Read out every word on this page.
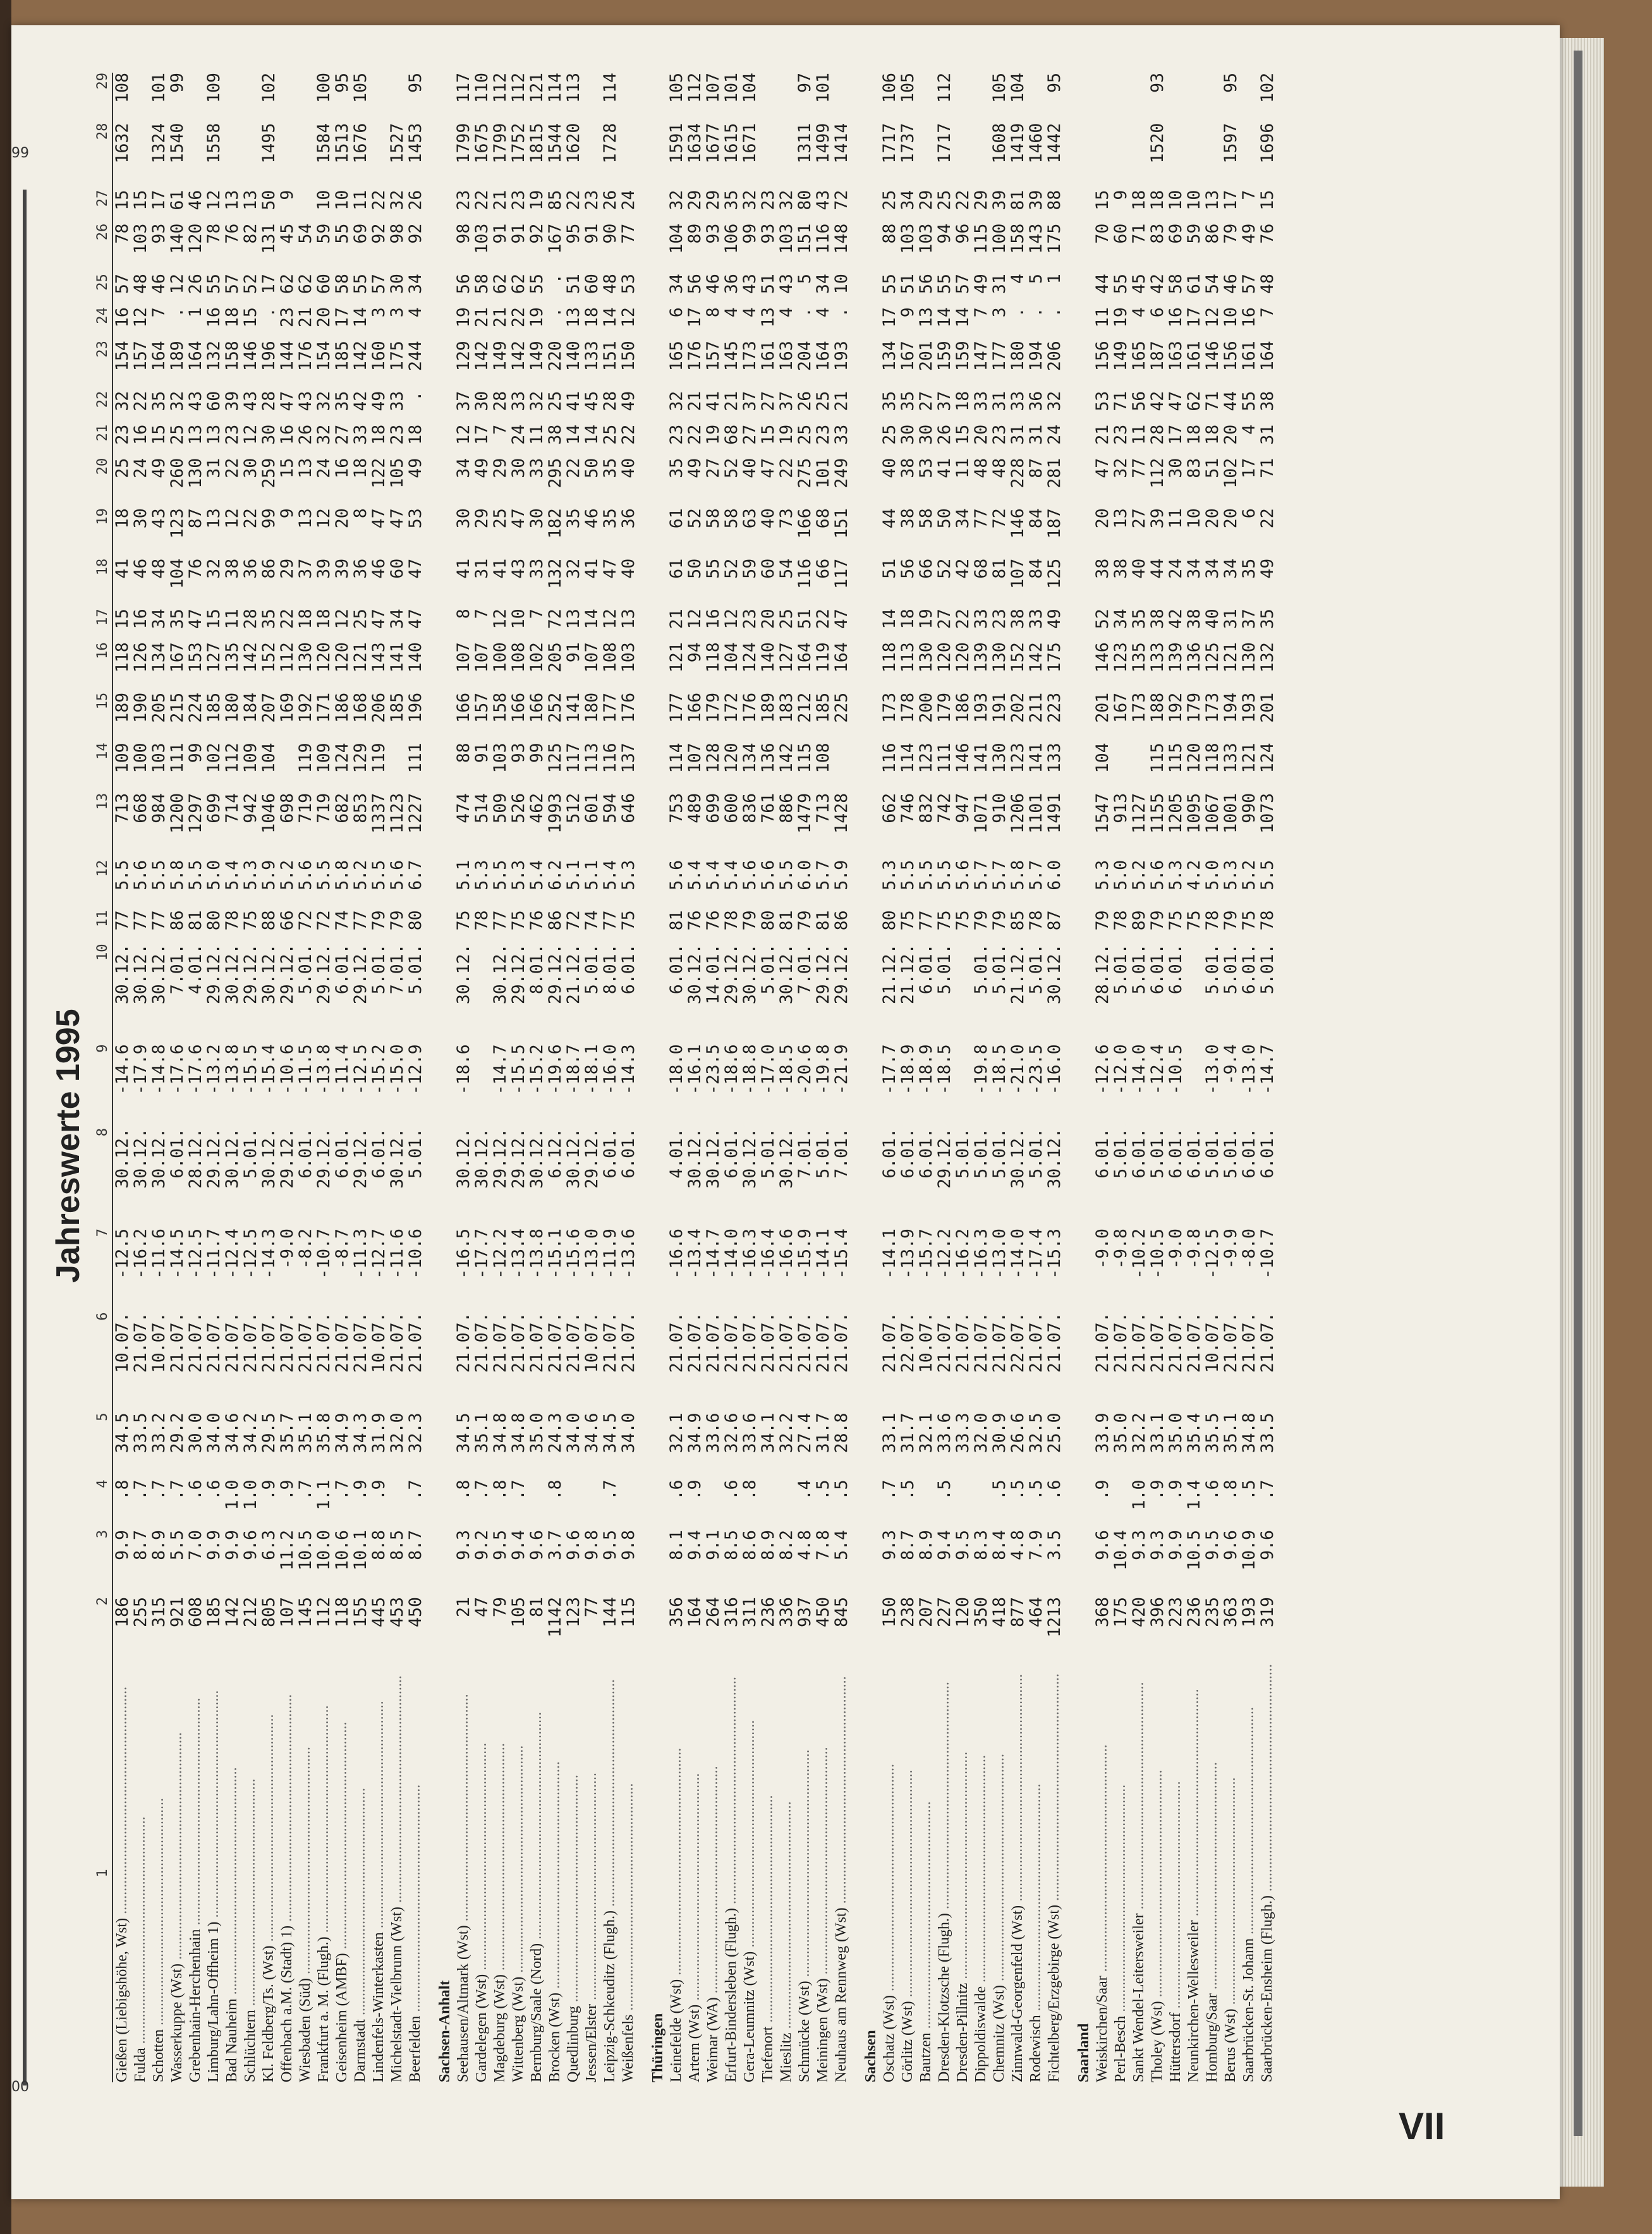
99
00
VII
Jahreswerte 1995
1	2	3	4	5	6	7	8	9	10	11	12	13	14	15	16	17	18	19	20	21	22	23	24	25	26	27	28	29
Gießen (Liebigshöhe, Wst) ............................................................	186	9.9	.8	34.5	10.07.	-12.5	30.12.	-14.6	30.12.	77	5.5	713	109	189	118	15	41	18	25	23	32	154	16	57	78	15	1632	108
Fulda ............................................................	255	8.7	.7	33.5	21.07.	-16.2	30.12.	-17.9	30.12.	77	5.6	668	100	190	126	16	46	30	24	16	22	157	12	48	103	15		
Schotten ............................................................	315	8.9	.7	33.2	10.07.	-11.6	30.12.	-14.8	30.12.	77	5.5	984	103	205	134	34	48	43	49	15	35	164	7	46	93	17	1324	101
Wasserkuppe (Wst) ............................................................	921	5.5	.7	29.2	21.07.	-14.5	6.01.	-17.6	7.01.	86	5.8	1200	111	215	167	35	104	123	260	25	32	189	.	12	140	61	1540	99
Grebenhain-Herchenhain ............................................................	608	7.0	.6	30.0	21.07.	-12.5	28.12.	-17.6	4.01.	81	5.5	1297	99	224	153	47	76	87	130	13	43	164	1	26	120	46		
Limburg/Lahn-Offheim 1) ............................................................	185	9.9	.6	34.0	21.07.	-11.7	29.12.	-13.2	29.12.	80	5.0	699	102	185	127	15	32	13	31	13	60	132	16	55	78	12	1558	109
Bad Nauheim ............................................................	142	9.9	1.0	34.6	21.07.	-12.4	30.12.	-13.8	30.12.	78	5.4	714	112	180	135	11	38	12	22	23	39	158	18	57	76	13		
Schlüchtern ............................................................	212	9.6	1.0	34.2	21.07.	-12.5	5.01.	-15.5	29.12.	75	5.3	942	109	184	142	28	36	22	30	12	43	146	15	52	82	13		
Kl. Feldberg/Ts. (Wst) ............................................................	805	6.3	.9	29.5	21.07.	-14.3	30.12.	-15.4	30.12.	88	5.9	1046	104	207	152	35	86	99	259	30	28	196	.	17	131	50	1495	102
Offenbach a.M. (Stadt) 1) ............................................................	107	11.2	.9	35.7	21.07.	-9.0	29.12.	-10.6	29.12.	66	5.2	698		169	112	22	29	9	15	16	47	144	23	62	45	9		
Wiesbaden (Süd) ............................................................	145	10.5	.7	35.1	21.07.	-8.2	6.01.	-11.5	5.01.	72	5.6	719	119	192	130	18	37	13	13	26	43	176	21	62	54			
Frankfurt a. M. (Flugh.) ............................................................	112	10.0	1.1	35.8	21.07.	-10.7	29.12.	-13.8	29.12.	72	5.5	719	109	171	120	18	39	12	24	32	32	154	20	60	59	10	1584	100
Geisenheim (AMBF) ............................................................	118	10.6	.7	34.9	21.07.	-8.7	6.01.	-11.4	6.01.	74	5.8	682	124	186	120	12	39	20	16	27	35	185	17	58	55	10	1513	95
Darmstadt ............................................................	155	10.1	.9	34.3	21.07.	-11.3	29.12.	-12.5	29.12.	77	5.2	853	129	168	121	25	36	8	18	33	42	142	14	55	69	11	1676	105
Lindenfels-Winterkasten ............................................................	445	8.8	.9	31.9	10.07.	-12.7	6.01.	-15.2	5.01.	79	5.5	1337	119	206	143	47	46	47	122	18	49	160	3	57	92	22		
Michelstadt-Vielbrunn (Wst) ............................................................	453	8.5		32.0	21.07.	-11.6	30.12.	-15.0	7.01.	79	5.6	1123		185	141	34	60	47	105	23	33	175	3	30	98	32	1527	
Beerfelden ............................................................	450	8.7	.7	32.3	21.07.	-10.6	5.01.	-12.9	5.01.	80	6.7	1227	111	196	140	47	47	53	49	18	.	244	4	34	92	26	1453	95
Sachsen-Anhalt																												
Seehausen/Altmark (Wst) ............................................................	21	9.3	.8	34.5	21.07.	-16.5	30.12.	-18.6	30.12.	75	5.1	474	88	166	107	8	41	30	34	12	37	129	19	56	98	23	1799	117
Gardelegen (Wst) ............................................................	47	9.2	.7	35.1	21.07.	-17.7	30.12.			78	5.3	514	91	157	107	7	31	29	49	17	30	142	21	58	103	22	1675	110
Magdeburg (Wst) ............................................................	79	9.5	.8	34.8	21.07.	-12.2	29.12.	-14.7	30.12.	77	5.5	509	103	158	100	12	41	25	29	7	28	149	21	62	91	21	1799	112
Wittenberg (Wst) ............................................................	105	9.4	.7	34.8	21.07.	-13.4	29.12.	-15.5	29.12.	75	5.3	526	93	166	108	10	43	47	30	24	33	142	22	62	91	23	1752	112
Bernburg/Saale (Nord) ............................................................	81	9.6		35.0	21.07.	-13.8	30.12.	-15.2	8.01.	76	5.4	462	99	166	102	7	33	30	33	11	32	149	19	55	92	19	1815	121
Brocken (Wst) ............................................................	1142	3.7	.8	24.3	21.07.	-15.1	6.12.	-19.6	29.12.	86	6.2	1993	125	252	205	72	132	182	295	38	25	220	.	.	167	85	1544	114
Quedlinburg ............................................................	123	9.6		34.0	21.07.	-15.6	30.12.	-18.7	21.12.	72	5.1	512	117	141	91	13	32	35	22	14	41	140	13	51	95	22	1620	113
Jessen/Elster ............................................................	77	9.8		34.6	10.07.	-13.0	29.12.	-18.1	5.01.	74	5.1	601	113	180	107	14	41	46	50	14	45	133	18	60	91	23		
Leipzig-Schkeuditz (Flugh.) ............................................................	144	9.5	.7	34.5	21.07.	-11.9	6.01.	-16.0	8.01.	77	5.4	594	116	177	108	12	47	35	35	25	28	151	14	48	90	26	1728	114
Weißenfels ............................................................	115	9.8		34.0	21.07.	-13.6	6.01.	-14.3	6.01.	75	5.3	646	137	176	103	13	40	36	40	22	49	150	12	53	77	24		
Thüringen																												
Leinefelde (Wst) ............................................................	356	8.1	.6	32.1	21.07.	-16.6	4.01.	-18.0	6.01.	81	5.6	753	114	177	121	21	61	61	35	23	32	165	6	34	104	32	1591	105
Artern (Wst) ............................................................	164	9.4	.9	34.9	21.07.	-13.4	30.12.	-16.1	30.12.	76	5.4	489	107	166	94	12	50	52	49	22	21	176	17	56	89	29	1634	112
Weimar (WA) ............................................................	264	9.1		33.6	21.07.	-14.7	30.12.	-23.5	14.01.	76	5.4	699	128	179	118	16	55	58	27	19	41	157	8	46	93	29	1677	107
Erfurt-Bindersleben (Flugh.) ............................................................	316	8.5	.6	32.6	21.07.	-14.0	6.01.	-18.6	29.12.	78	5.4	600	120	172	104	12	52	58	52	68	21	145	4	36	106	35	1615	101
Gera-Leumnitz (Wst) ............................................................	311	8.6	.8	33.6	21.07.	-16.3	30.12.	-18.8	30.12.	79	5.6	836	134	176	124	23	59	63	40	27	37	173	4	43	99	32	1671	104
Tiefenort ............................................................	236	8.9		34.1	21.07.	-16.4	5.01.	-17.0	5.01.	80	5.6	761	136	189	140	20	60	40	47	15	27	161	13	51	93	23		
Mieslitz ............................................................	336	8.2		32.2	21.07.	-16.6	30.12.	-18.5	30.12.	81	5.5	886	142	183	127	25	54	73	22	19	37	163	4	43	103	32		
Schmücke (Wst) ............................................................	937	4.8	.4	27.4	21.07.	-15.9	7.01.	-20.6	7.01.	79	6.0	1479	115	212	164	51	116	166	275	25	26	204	.	5	151	80	1311	97
Meiningen (Wst) ............................................................	450	7.8	.5	31.7	21.07.	-14.1	5.01.	-19.8	29.12.	81	5.7	713	108	185	119	22	66	68	101	23	25	164	4	34	116	43	1499	101
Neuhaus am Rennweg (Wst) ............................................................	845	5.4	.5	28.8	21.07.	-15.4	7.01.	-21.9	29.12.	86	5.9	1428		225	164	47	117	151	249	33	21	193	.	10	148	72	1414	
Sachsen																												
Oschatz (Wst) ............................................................	150	9.3	.7	33.1	21.07.	-14.1	6.01.	-17.7	21.12.	80	5.3	662	116	173	118	14	51	44	40	25	35	134	17	55	88	25	1717	106
Görlitz (Wst) ............................................................	238	8.7	.5	31.7	22.07.	-13.9	6.01.	-18.9	21.12.	75	5.5	746	114	178	113	18	56	38	38	30	35	167	9	51	103	34	1737	105
Bautzen ............................................................	207	8.9		32.1	10.07.	-15.7	6.01.	-18.9	6.01.	77	5.5	832	123	200	130	19	66	58	53	30	27	201	13	56	103	29		
Dresden-Klotzsche (Flugh.) ............................................................	227	9.4	.5	33.6	21.07.	-12.2	29.12.	-18.5	5.01.	75	5.5	742	111	179	120	27	52	50	41	26	37	159	14	55	94	25	1717	112
Dresden-Pillnitz ............................................................	120	9.5		33.3	21.07.	-16.2	5.01.			75	5.6	947	146	186	120	22	42	34	11	15	18	159	14	57	96	22		
Dippoldiswalde ............................................................	350	8.3		32.0	21.07.	-16.3	5.01.	-19.8	5.01.	79	5.7	1071	141	193	139	33	68	77	48	20	33	147	7	49	115	29		
Chemnitz (Wst) ............................................................	418	8.4	.5	30.9	21.07.	-13.0	5.01.	-18.5	5.01.	79	5.7	910	130	191	130	23	81	72	48	23	31	177	3	31	100	39	1608	105
Zinnwald-Georgenfeld (Wst) ............................................................	877	4.8	.5	26.6	22.07.	-14.0	30.12.	-21.0	21.12.	85	5.8	1206	123	202	152	38	107	146	228	31	33	180	.	4	158	81	1419	104
Rodewisch ............................................................	464	7.9	.5	32.5	21.07.	-17.4	5.01.	-23.5	5.01.	78	5.7	1101	141	211	142	33	84	84	87	31	36	194	.	5	143	39	1460	
Fichtelberg/Erzgebirge (Wst) ............................................................	1213	3.5	.6	25.0	21.07.	-15.3	30.12.	-16.0	30.12.	87	6.0	1491	133	223	175	49	125	187	281	24	32	206	.	1	175	88	1442	95
Saarland																												
Weiskirchen/Saar ............................................................	368	9.6	.9	33.9	21.07.	-9.0	6.01.	-12.6	28.12.	79	5.3	1547	104	201	146	52	38	20	47	21	53	156	11	44	70	15		
Perl-Besch ............................................................	175	10.4		35.0	21.07.	-9.8	5.01.	-12.0	5.01.	78	5.0	913		167	123	34	38	13	32	23	71	149	19	55	60	9		
Sankt Wendel-Leitersweiler ............................................................	420	9.3	1.0	32.2	21.07.	-10.2	6.01.	-14.0	5.01.	89	5.2	1127		173	135	35	40	27	77	11	56	165	4	45	71	18		
Tholey (Wst) ............................................................	396	9.3	.9	33.1	21.07.	-10.5	5.01.	-12.4	6.01.	79	5.6	1155	115	188	133	38	44	39	112	28	42	187	6	42	83	18	1520	93
Hüttersdorf ............................................................	223	9.9	.9	35.0	21.07.	-9.0	6.01.	-10.5	6.01.	75	5.3	1205	115	192	139	42	24	11	30	17	47	163	16	58	69	10		
Neunkirchen-Wellesweiler ............................................................	236	10.5	1.4	35.4	21.07.	-9.8	6.01.			75	4.2	1095	120	179	136	38	34	10	83	18	62	161	17	61	59	10		
Homburg/Saar ............................................................	235	9.5	.6	35.5	10.07.	-12.5	5.01.	-13.0	5.01.	78	5.0	1067	118	173	125	40	34	20	51	18	71	146	12	54	86	13		
Berus (Wst) ............................................................	363	9.6	.8	35.1	21.07.	-9.9	5.01.	-9.4	5.01.	79	5.3	1001	133	194	121	31	34	20	102	20	44	156	10	46	79	17	1597	95
Saarbrücken-St. Johann ............................................................	193	10.9	.5	34.8	21.07.	-8.0	6.01.	-13.0	6.01.	75	5.2	990	121	193	130	37	35	6	17	4	55	161	16	57	49	7		
Saarbrücken-Ensheim (Flugh.) ............................................................	319	9.6	.7	33.5	21.07.	-10.7	6.01.	-14.7	5.01.	78	5.5	1073	124	201	132	35	49	22	71	31	38	164	7	48	76	15	1696	102
